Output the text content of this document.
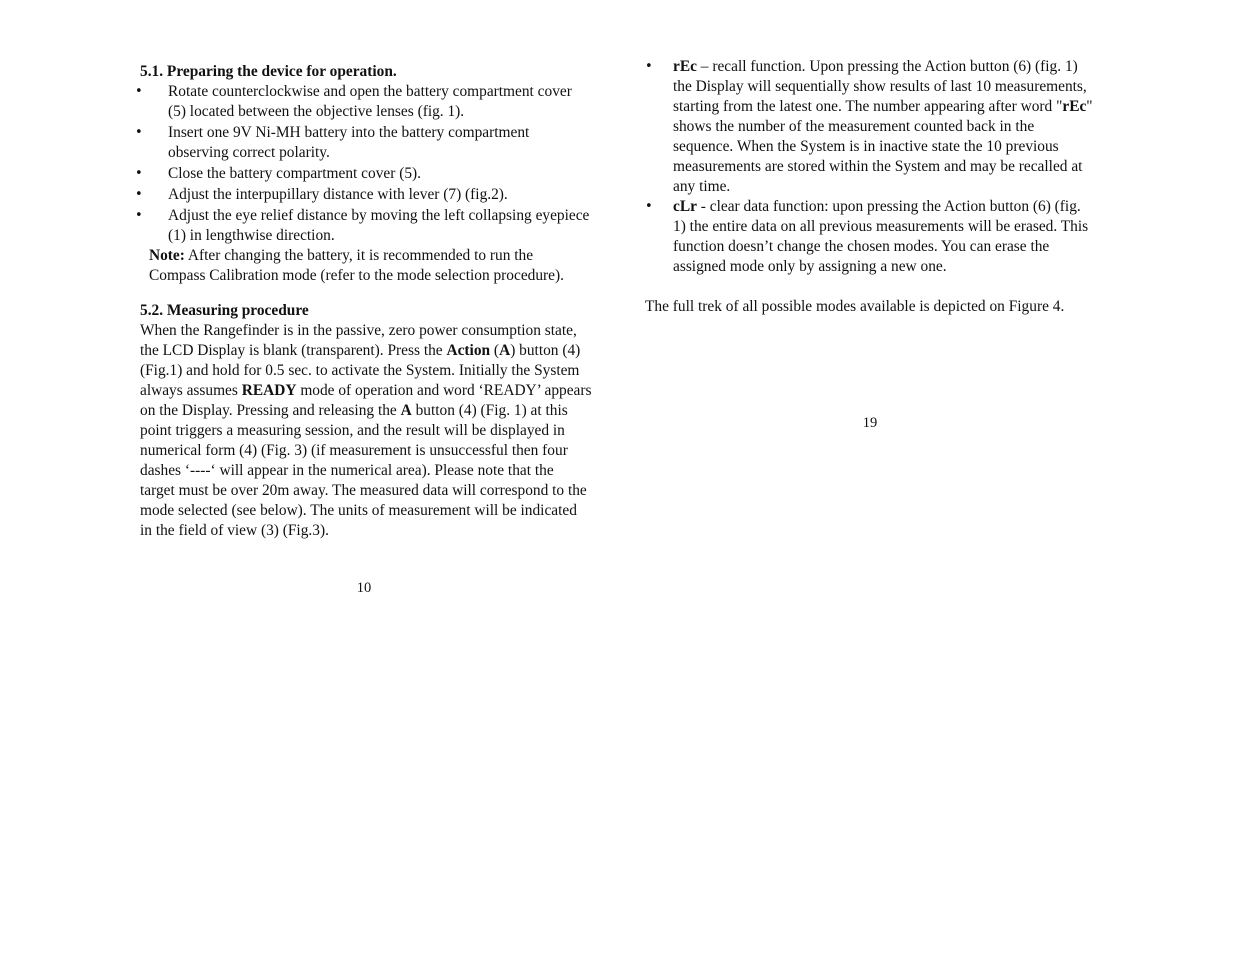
5.1. Preparing the device for operation.
• Rotate counterclockwise and open the battery compartment cover (5) located between the objective lenses (fig. 1).
• Insert one 9V Ni-MH battery into the battery compartment observing correct polarity.
• Close the battery compartment cover (5).
• Adjust the interpupillary distance with lever (7) (fig.2).
• Adjust the eye relief distance by moving the left collapsing eyepiece (1) in lengthwise direction.

Note: After changing the battery, it is recommended to run the Compass Calibration mode (refer to the mode selection procedure).

5.2. Measuring procedure

When the Rangefinder is in the passive, zero power consumption state, the LCD Display is blank (transparent). Press the Action (A) button (4) (Fig.1) and hold for 0.5 sec. to activate the System. Initially the System always assumes READY mode of operation and word ‘READY’ appears on the Display. Pressing and releasing the A button (4) (Fig. 1) at this point triggers a measuring session, and the result will be displayed in numerical form (4) (Fig. 3) (if measurement is unsuccessful then four dashes ‘----‘ will appear in the numerical area). Please note that the target must be over 20m away. The measured data will correspond to the mode selected (see below). The units of measurement will be indicated in the field of view (3) (Fig.3).

10
• rEc – recall function. Upon pressing the Action button (6) (fig. 1) the Display will sequentially show results of last 10 measurements, starting from the latest one. The number appearing after word "rEc" shows the number of the measurement counted back in the sequence. When the System is in inactive state the 10 previous measurements are stored within the System and may be recalled at any time.
• cLr - clear data function: upon pressing the Action button (6) (fig. 1) the entire data on all previous measurements will be erased. This function doesn’t change the chosen modes. You can erase the assigned mode only by assigning a new one.

The full trek of all possible modes available is depicted on Figure 4.

19
